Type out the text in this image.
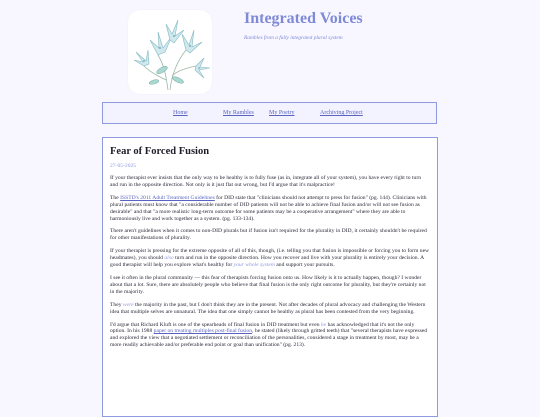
Integrated Voices
Rambles from a fully integrated plural system
Home	My Rambles	My Poetry	Archiving Project
Fear of Forced Fusion
27-05-2025

If your therapist ever insists that the only way to be healthy is to fully fuse (as in, integrate all of your system), you have every right to turn and run in the opposite direction. Not only is it just flat out wrong, but I'd argue that it's malpractice!

The ISSTD's 2011 Adult Treatment Guidelines for DID state that "clinicians should not attempt to press for fusion" (pg. 144). Clinicians with plural patients must know that "a considerable number of DID patients will not be able to achieve final fusion and/or will not see fusion as desirable" and that "a more realistic long-term outcome for some patients may be a cooperative arrangement" where they are able to harmoniously live and work together as a system. (pg. 133-134).

There aren't guidelines when it comes to non-DID plurals but if fusion isn't required for the plurality in DID, it certainly shouldn't be required for other manifestations of plurality.

If your therapist is pressing for the extreme opposite of all of this, though, (i.e. telling you that fusion is impossible or forcing you to form new headmates), you should also turn and run in the opposite direction. How you recover and live with your plurality is entirely your decision. A good therapist will help you explore what's healthy for your whole system and support your pursuits.

I see it often in the plural community — this fear of therapists forcing fusion onto us. How likely is it to actually happen, though? I wonder about that a lot. Sure, there are absolutely people who believe that final fusion is the only right outcome for plurality, but they're certainly not in the majority.

They were the majority in the past, but I don't think they are in the present. Not after decades of plural advocacy and challenging the Western idea that multiple selves are unnatural. The idea that one simply cannot be healthy as plural has been contested from the very beginning.

I'd argue that Richard Kluft is one of the spearheads of final fusion in DID treatment but even he has acknowledged that it's not the only option. In his 1988 paper on treating multiples post-final fusion, he stated (likely through gritted teeth) that "several therapists have expressed and explored the view that a negotiated settlement or reconciliation of the personalities, considered a stage in treatment by most, may be a more readily achievable and/or preferable end point or goal than unification" (pg. 213).
